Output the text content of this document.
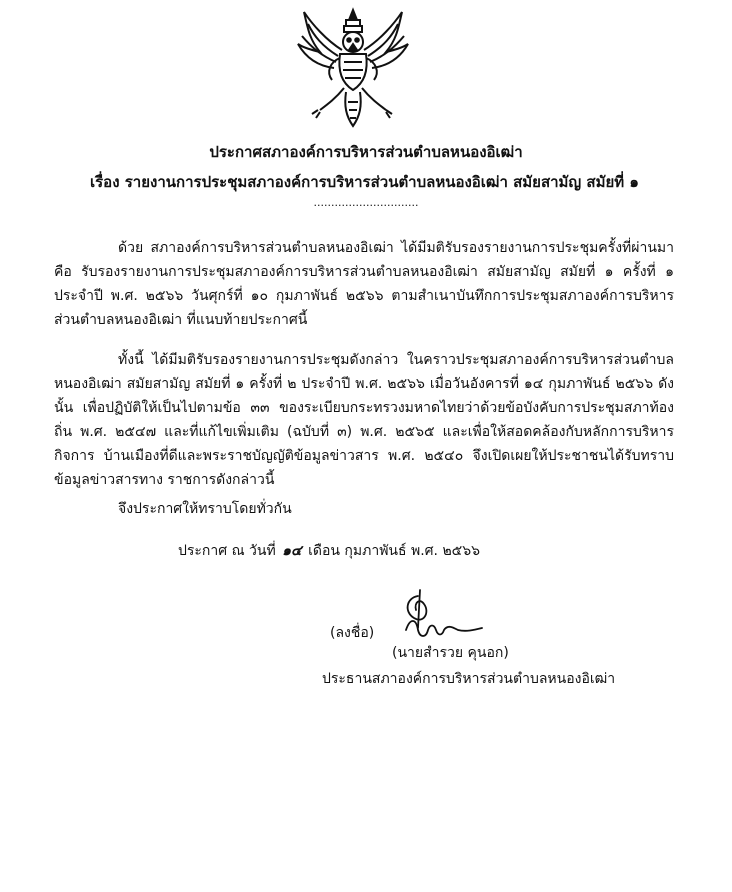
ประกาศสภาองค์การบริหารส่วนตำบลหนองอิเฒ่า
เรื่อง รายงานการประชุมสภาองค์การบริหารส่วนตำบลหนองอิเฒ่า สมัยสามัญ สมัยที่ ๑
..............................
ด้วย สภาองค์การบริหารส่วนตำบลหนองอิเฒ่า ได้มีมติรับรองรายงานการประชุมครั้งที่ผ่านมา คือ รับรองรายงานการประชุมสภาองค์การบริหารส่วนตำบลหนองอิเฒ่า สมัยสามัญ สมัยที่ ๑ ครั้งที่ ๑ ประจำปี พ.ศ. ๒๕๖๖ วันศุกร์ที่ ๑๐ กุมภาพันธ์ ๒๕๖๖ ตามสำเนาบันทึกการประชุมสภาองค์การบริหาร ส่วนตำบลหนองอิเฒ่า ที่แนบท้ายประกาศนี้
ทั้งนี้ ได้มีมติรับรองรายงานการประชุมดังกล่าว ในคราวประชุมสภาองค์การบริหารส่วนตำบล หนองอิเฒ่า สมัยสามัญ สมัยที่ ๑ ครั้งที่ ๒ ประจำปี พ.ศ. ๒๕๖๖ เมื่อวันอังคารที่ ๑๔ กุมภาพันธ์ ๒๕๖๖ ดังนั้น เพื่อปฏิบัติให้เป็นไปตามข้อ ๓๓ ของระเบียบกระทรวงมหาดไทยว่าด้วยข้อบังคับการประชุมสภาท้องถิ่น พ.ศ. ๒๕๔๗ และที่แก้ไขเพิ่มเติม (ฉบับที่ ๓) พ.ศ. ๒๕๖๕ และเพื่อให้สอดคล้องกับหลักการบริหารกิจการ บ้านเมืองที่ดีและพระราชบัญญัติข้อมูลข่าวสาร พ.ศ. ๒๕๔๐ จึงเปิดเผยให้ประชาชนได้รับทราบข้อมูลข่าวสารทาง ราชการดังกล่าวนี้
จึงประกาศให้ทราบโดยทั่วกัน
ประกาศ ณ วันที่ ๑๔ เดือน กุมภาพันธ์ พ.ศ. ๒๕๖๖
(ลงชื่อ)
(นายสำรวย คุนอก)
ประธานสภาองค์การบริหารส่วนตำบลหนองอิเฒ่า
